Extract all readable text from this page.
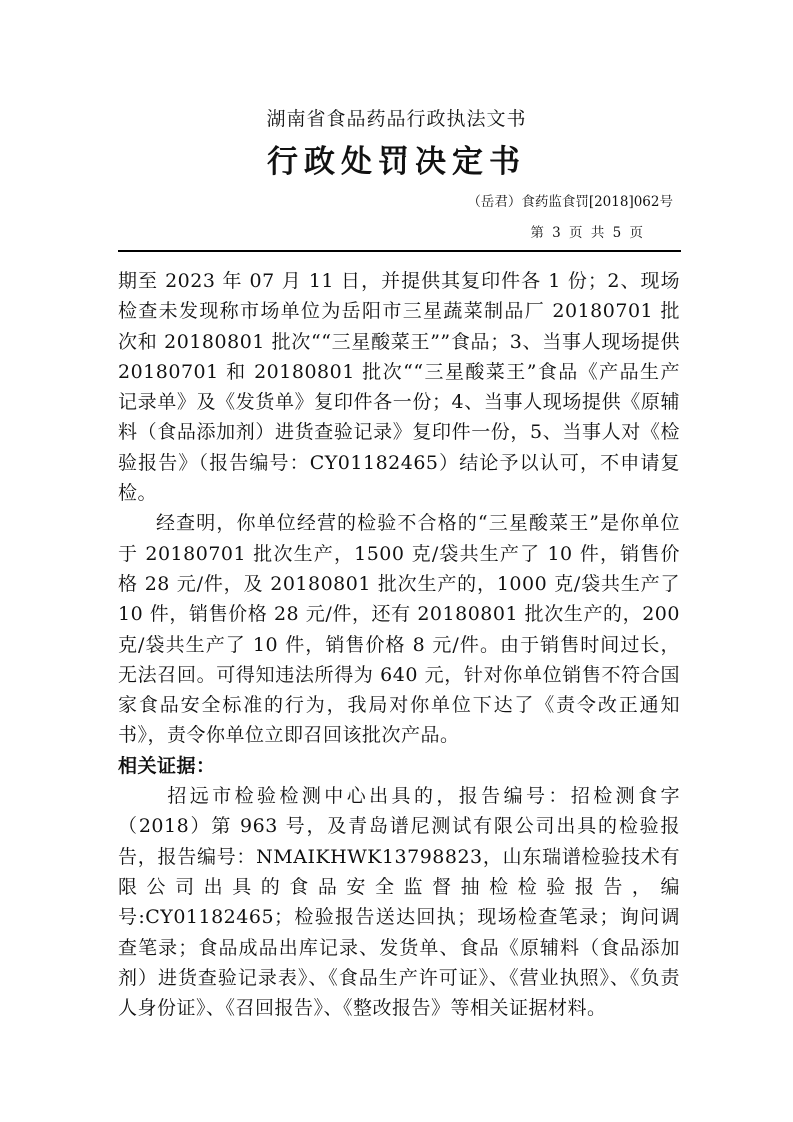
湖南省食品药品行政执法文书
行政处罚决定书
（岳君）食药监食罚[2018]062号
第 3 页 共 5 页

期至 2023 年 07 月 11 日，并提供其复印件各 1 份；2、现场检查未发现称市场单位为岳阳市三星蔬菜制品厂 20180701 批次和 20180801 批次““三星酸菜王””食品；3、当事人现场提供 20180701 和 20180801 批次““三星酸菜王”食品《产品生产记录单》及《发货单》复印件各一份；4、当事人现场提供《原辅料（食品添加剂）进货查验记录》复印件一份，5、当事人对《检验报告》（报告编号：CY01182465）结论予以认可，不申请复检。

经查明，你单位经营的检验不合格的“三星酸菜王”是你单位于 20180701 批次生产，1500 克/袋共生产了 10 件，销售价格 28 元/件，及 20180801 批次生产的，1000 克/袋共生产了 10 件，销售价格 28 元/件，还有 20180801 批次生产的，200 克/袋共生产了 10 件，销售价格 8 元/件。由于销售时间过长，无法召回。可得知违法所得为 640 元，针对你单位销售不符合国家食品安全标准的行为，我局对你单位下达了《责令改正通知书》，责令你单位立即召回该批次产品。

相关证据：

招远市检验检测中心出具的，报告编号：招检测食字（2018）第 963 号，及青岛谱尼测试有限公司出具的检验报告，报告编号：NMAIKHWK13798823，山东瑞谱检验技术有限公司出具的食品安全监督抽检检验报告，编号:CY01182465；检验报告送达回执；现场检查笔录；询问调查笔录；食品成品出库记录、发货单、食品《原辅料（食品添加剂）进货查验记录表》、《食品生产许可证》、《营业执照》、《负责人身份证》、《召回报告》、《整改报告》等相关证据材料。
